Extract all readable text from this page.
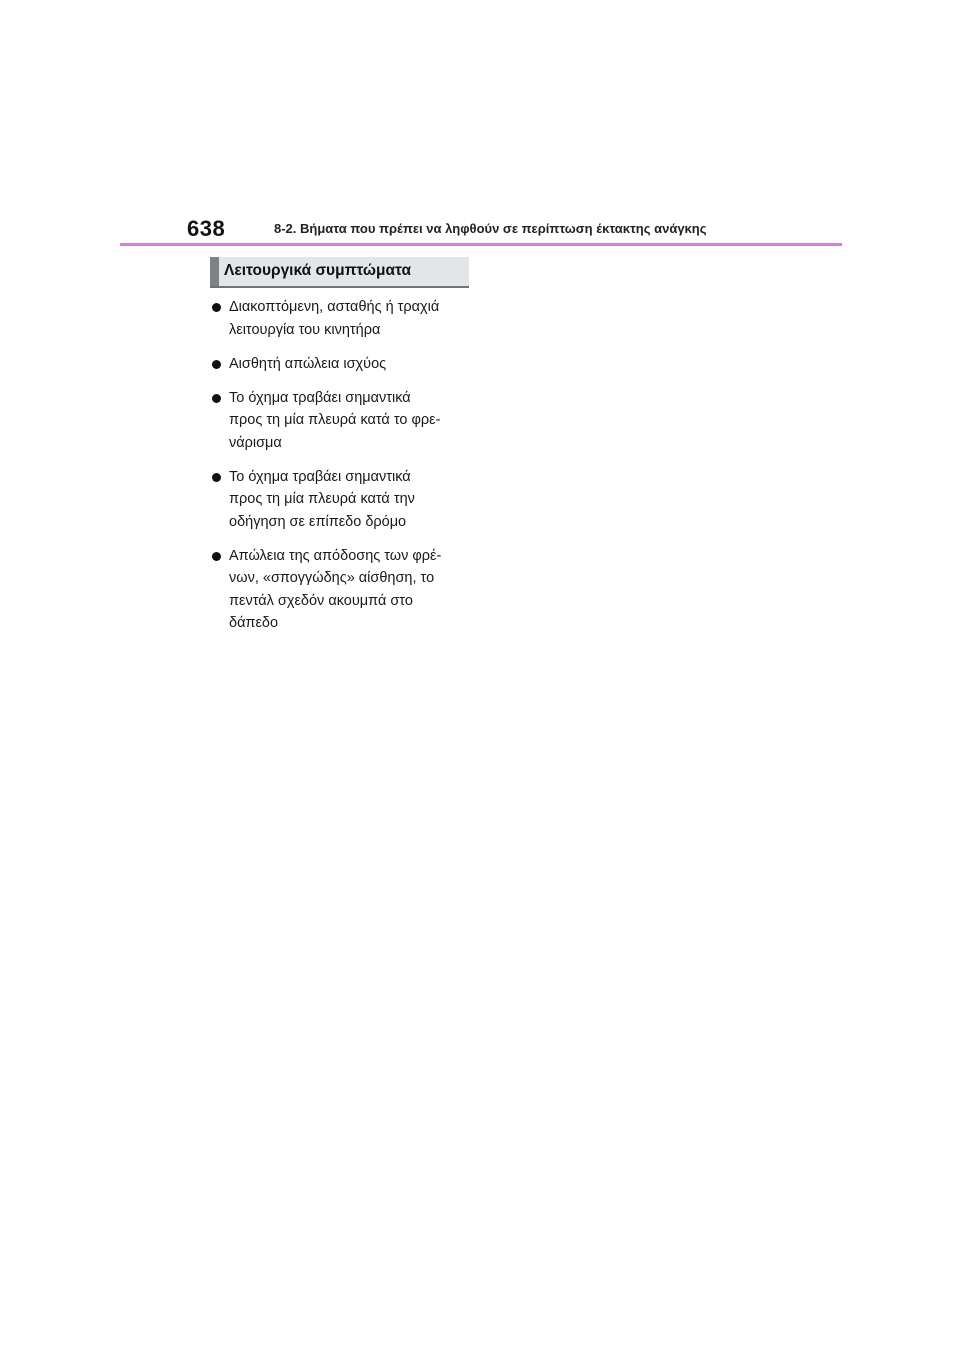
638	8-2. Βήματα που πρέπει να ληφθούν σε περίπτωση έκτακτης ανάγκης
Λειτουργικά συμπτώματα
Διακοπτόμενη, ασταθής ή τραχιά
λειτουργία του κινητήρα
Αισθητή απώλεια ισχύος
Το όχημα τραβάει σημαντικά
προς τη μία πλευρά κατά το φρε-
νάρισμα
Το όχημα τραβάει σημαντικά
προς τη μία πλευρά κατά την
οδήγηση σε επίπεδο δρόμο
Απώλεια της απόδοσης των φρέ-
νων, «σπογγώδης» αίσθηση, το
πεντάλ σχεδόν ακουμπά στο
δάπεδο
